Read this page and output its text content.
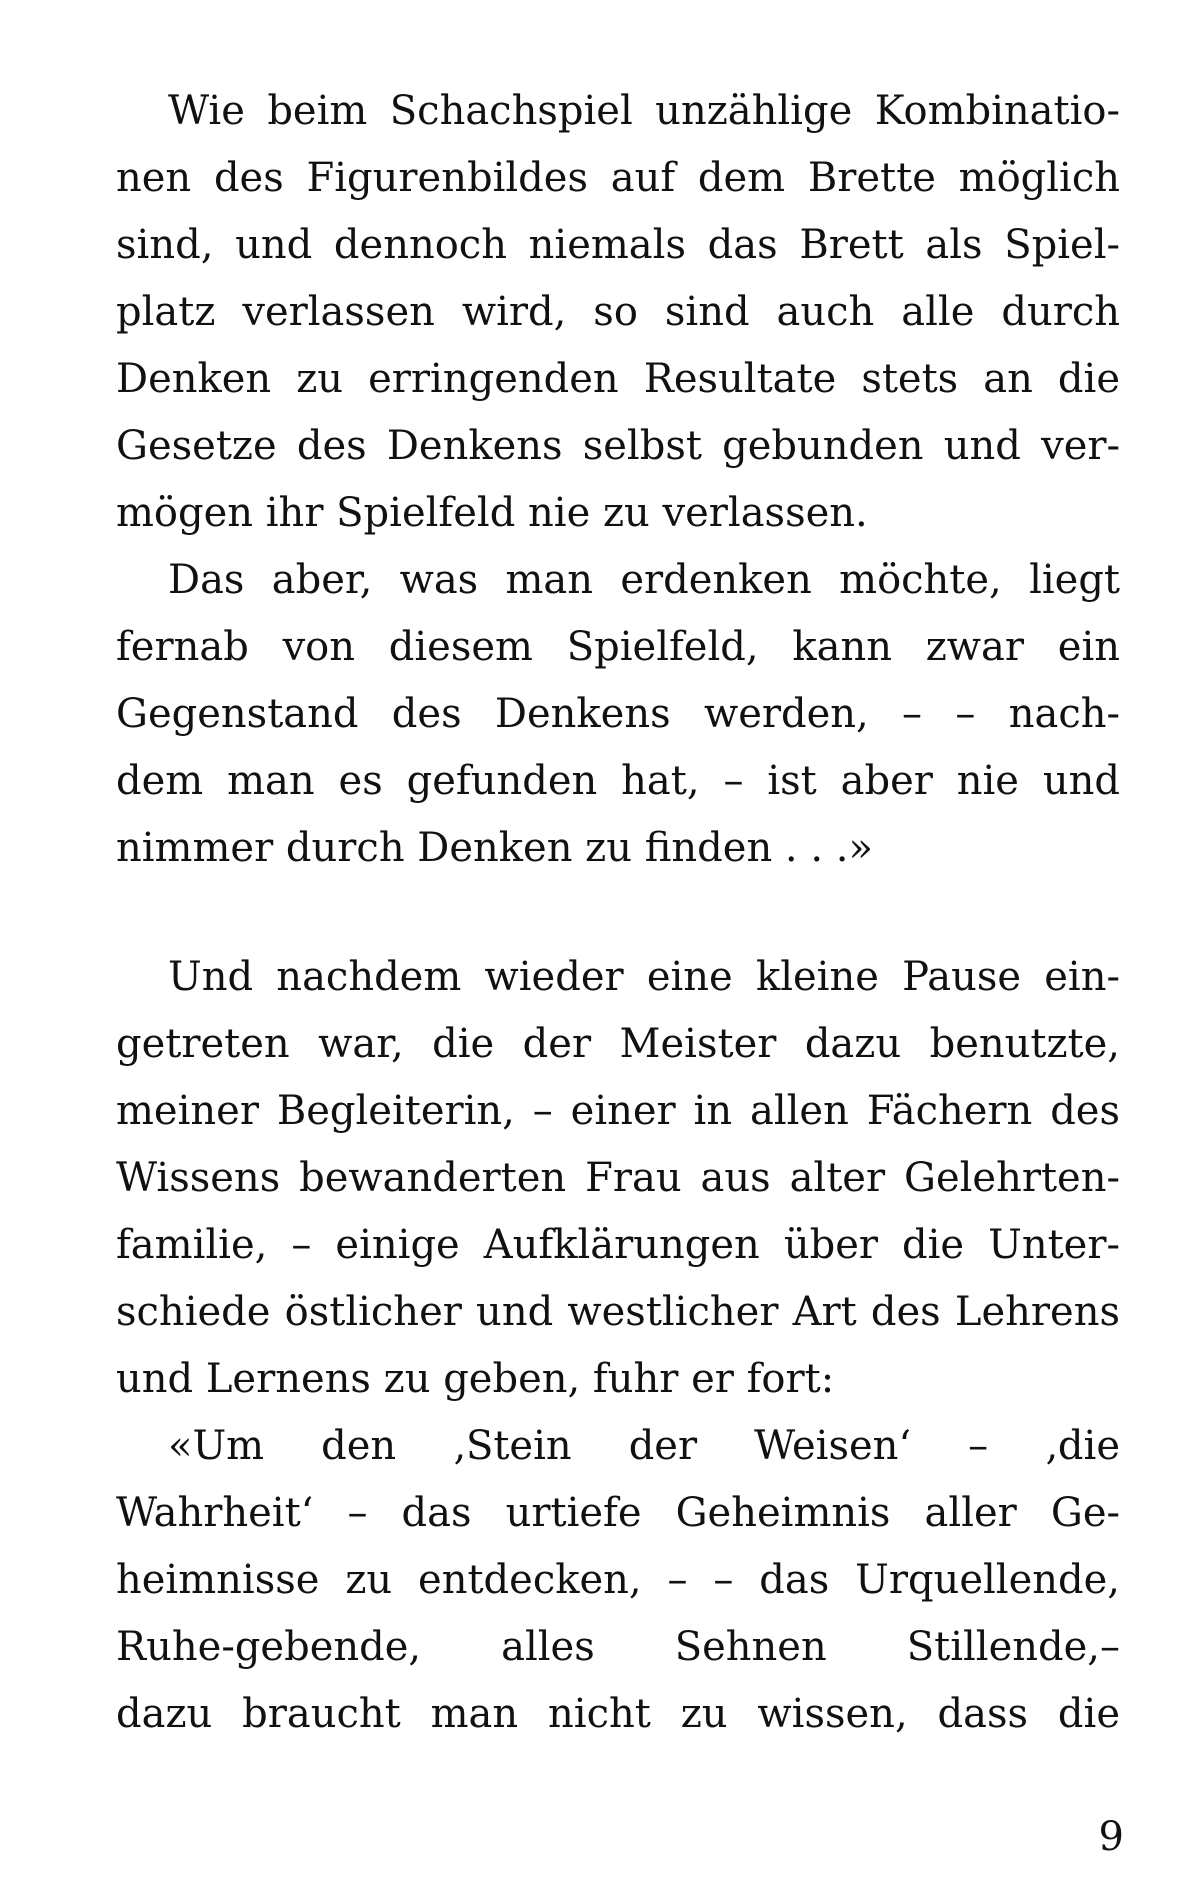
Wie beim Schachspiel unzählige Kombinatio-
nen des Figurenbildes auf dem Brette möglich
sind, und dennoch niemals das Brett als Spiel-
platz verlassen wird, so sind auch alle durch
Denken zu erringenden Resultate stets an die
Gesetze des Denkens selbst gebunden und ver-
mögen ihr Spielfeld nie zu verlassen.
Das aber, was man erdenken möchte, liegt
fernab von diesem Spielfeld, kann zwar ein
Gegenstand des Denkens werden, – – nach-
dem man es gefunden hat, – ist aber nie und
nimmer durch Denken zu finden . . .»
Und nachdem wieder eine kleine Pause ein-
getreten war, die der Meister dazu benutzte,
meiner Begleiterin, – einer in allen Fächern des
Wissens bewanderten Frau aus alter Gelehrten-
familie, – einige Aufklärungen über die Unter-
schiede östlicher und westlicher Art des Lehrens
und Lernens zu geben, fuhr er fort:
«Um den ‚Stein der Weisen‘ – ‚die
Wahrheit‘ – das urtiefe Geheimnis aller Ge-
heimnisse zu entdecken, – – das Urquellende,
Ruhe-gebende, alles Sehnen Stillende,–
dazu braucht man nicht zu wissen, dass die
9
